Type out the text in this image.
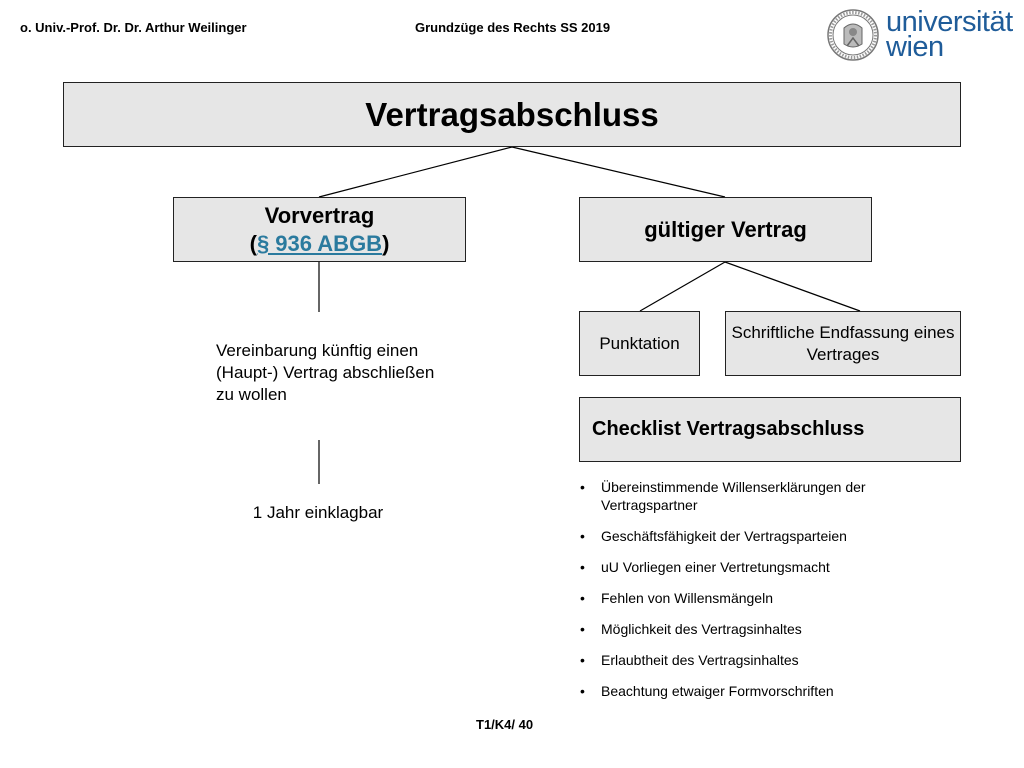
o. Univ.-Prof. Dr. Dr. Arthur Weilinger	Grundzüge des Rechts SS 2019	universität
wien
Vertragsabschluss
Vorvertrag
(§ 936 ABGB)
gültiger Vertrag
Punktation
Schriftliche Endfassung eines Vertrages
Vereinbarung künftig einen (Haupt-) Vertrag abschließen zu wollen
1 Jahr einklagbar
Checklist Vertragsabschluss
• Übereinstimmende Willenserklärungen der Vertragspartner
• Geschäftsfähigkeit der Vertragsparteien
• uU Vorliegen einer Vertretungsmacht
• Fehlen von Willensmängeln
• Möglichkeit des Vertragsinhaltes
• Erlaubtheit des Vertragsinhaltes
• Beachtung etwaiger Formvorschriften
T1/K4/ 40
